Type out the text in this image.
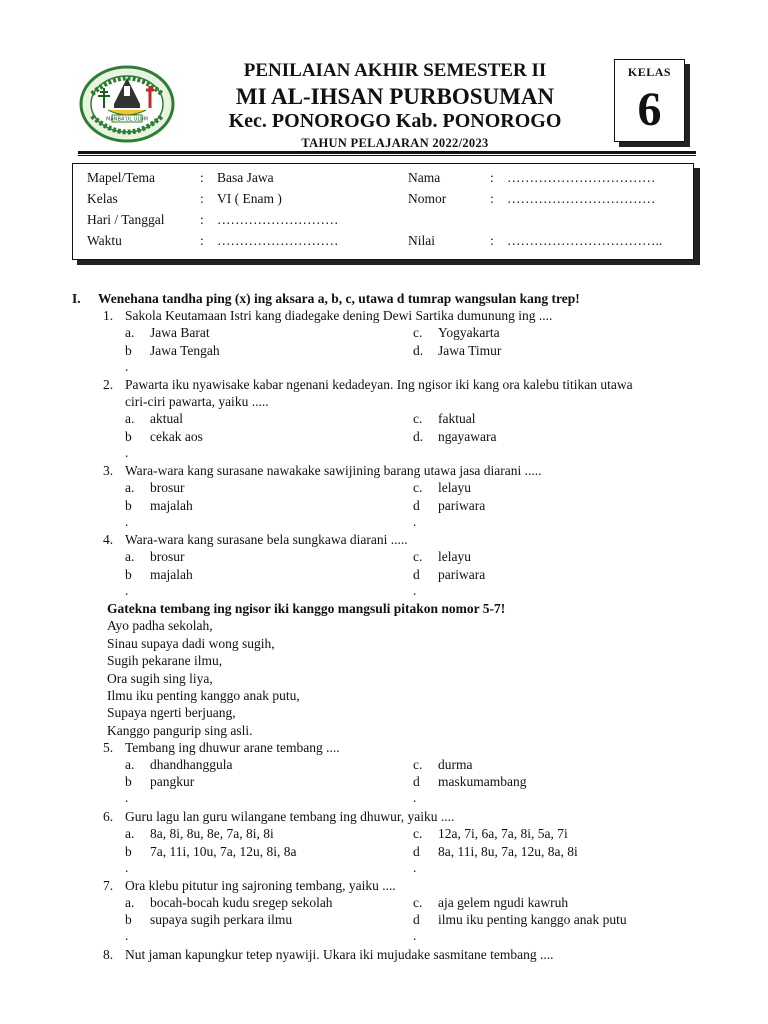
MANBA'UL ULUM
PENILAIAN AKHIR SEMESTER II
MI AL-IHSAN PURBOSUMAN
Kec. PONOROGO Kab. PONOROGO
TAHUN PELAJARAN 2022/2023
KELAS
6
Mapel/Tema	: Basa Jawa	Nama	: ……………………………
Kelas	: VI ( Enam )	Nomor	: ……………………………
Hari / Tanggal	: ………………………
Waktu	: ………………………	Nilai	: ……………………………..
I. Wenehana tandha ping (x) ing aksara a, b, c, utawa d tumrap wangsulan kang trep!
1. Sakola Keutamaan Istri kang diadegake dening Dewi Sartika dumunung ing ....
a. Jawa Barat	c. Yogyakarta
b Jawa Tengah	d. Jawa Timur
.
2. Pawarta iku nyawisake kabar ngenani kedadeyan. Ing ngisor iki kang ora kalebu titikan utawa
ciri-ciri pawarta, yaiku .....
a. aktual	c. faktual
b cekak aos	d. ngayawara
.
3. Wara-wara kang surasane nawakake sawijining barang utawa jasa diarani .....
a. brosur	c. lelayu
b majalah	d pariwara
.	.
4. Wara-wara kang surasane bela sungkawa diarani .....
a. brosur	c. lelayu
b majalah	d pariwara
.	.
Gatekna tembang ing ngisor iki kanggo mangsuli pitakon nomor 5-7!
Ayo padha sekolah,
Sinau supaya dadi wong sugih,
Sugih pekarane ilmu,
Ora sugih sing liya,
Ilmu iku penting kanggo anak putu,
Supaya ngerti berjuang,
Kanggo pangurip sing asli.
5. Tembang ing dhuwur arane tembang ....
a. dhandhanggula	c. durma
b pangkur	d maskumambang
.	.
6. Guru lagu lan guru wilangane tembang ing dhuwur, yaiku ....
a. 8a, 8i, 8u, 8e, 7a, 8i, 8i	c. 12a, 7i, 6a, 7a, 8i, 5a, 7i
b 7a, 11i, 10u, 7a, 12u, 8i, 8a	d 8a, 11i, 8u, 7a, 12u, 8a, 8i
.	.
7. Ora klebu pitutur ing sajroning tembang, yaiku ....
a. bocah-bocah kudu sregep sekolah	c. aja gelem ngudi kawruh
b supaya sugih perkara ilmu	d ilmu iku penting kanggo anak putu
.	.
8. Nut jaman kapungkur tetep nyawiji. Ukara iki mujudake sasmitane tembang ....
